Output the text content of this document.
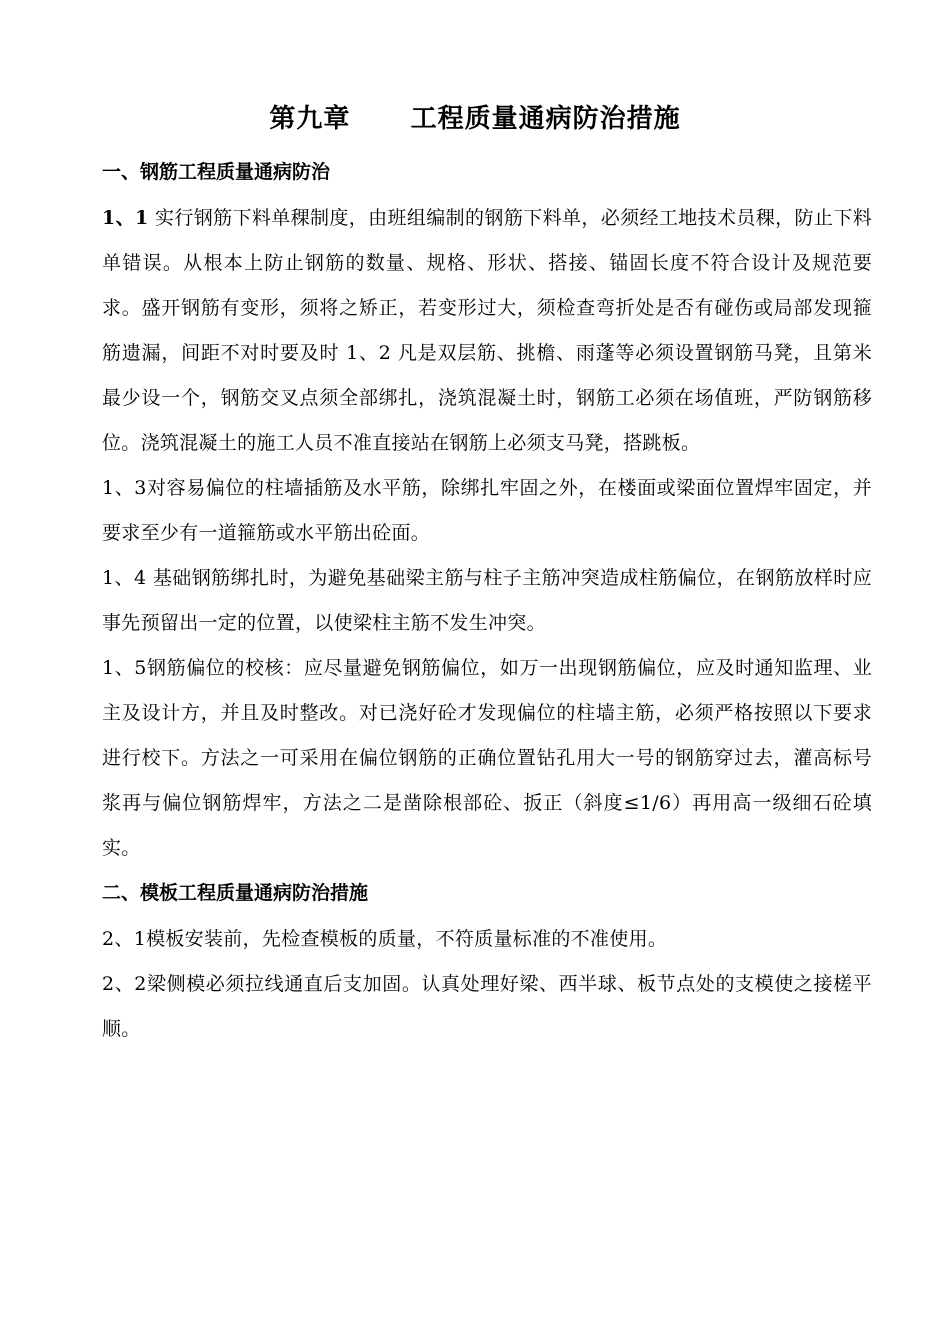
第九章      工程质量通病防治措施

一、钢筋工程质量通病防治

1、1 实行钢筋下料单稞制度，由班组编制的钢筋下料单，必须经工地技术员稞，防止下料单错误。从根本上防止钢筋的数量、规格、形状、搭接、锚固长度不符合设计及规范要求。盛开钢筋有变形，须将之矫正，若变形过大，须检查弯折处是否有碰伤或局部发现箍筋遗漏，间距不对时要及时 1、2 凡是双层筋、挑檐、雨蓬等必须设置钢筋马凳，且第米最少设一个，钢筋交叉点须全部绑扎，浇筑混凝土时，钢筋工必须在场值班，严防钢筋移位。浇筑混凝土的施工人员不准直接站在钢筋上必须支马凳，搭跳板。

1、3对容易偏位的柱墙插筋及水平筋，除绑扎牢固之外，在楼面或梁面位置焊牢固定，并要求至少有一道箍筋或水平筋出砼面。

1、4 基础钢筋绑扎时，为避免基础梁主筋与柱子主筋冲突造成柱筋偏位，在钢筋放样时应事先预留出一定的位置，以使梁柱主筋不发生冲突。

1、5钢筋偏位的校核：应尽量避免钢筋偏位，如万一出现钢筋偏位，应及时通知监理、业主及设计方，并且及时整改。对已浇好砼才发现偏位的柱墙主筋，必须严格按照以下要求进行校下。方法之一可采用在偏位钢筋的正确位置钻孔用大一号的钢筋穿过去，灌高标号浆再与偏位钢筋焊牢，方法之二是凿除根部砼、扳正（斜度≤1/6）再用高一级细石砼填实。

二、模板工程质量通病防治措施

2、1模板安装前，先检查模板的质量，不符质量标准的不准使用。

2、2梁侧模必须拉线通直后支加固。认真处理好梁、西半球、板节点处的支模使之接槎平顺。
